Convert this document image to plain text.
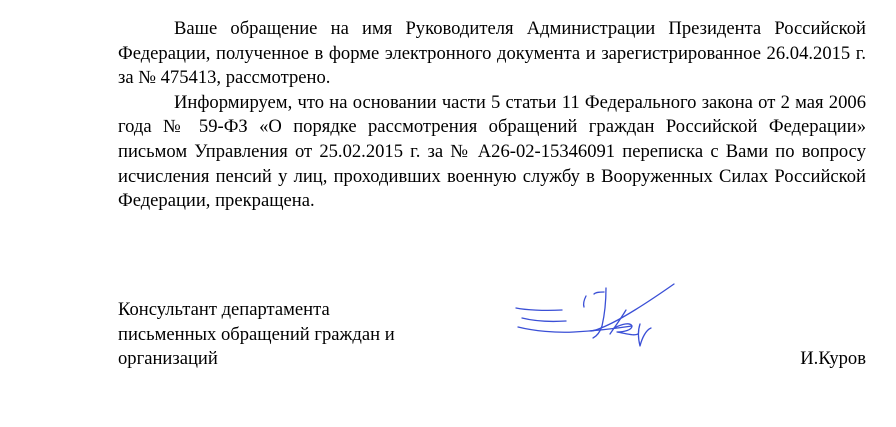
Ваше обращение на имя Руководителя Администрации Президента Российской Федерации, полученное в форме электронного документа и зарегистрированное 26.04.2015 г. за № 475413, рассмотрено.

Информируем, что на основании части 5 статьи 11 Федерального закона от 2 мая 2006 года № 59-ФЗ «О порядке рассмотрения обращений граждан Российской Федерации» письмом Управления от 25.02.2015 г. за № А26-02-15346091 переписка с Вами по вопросу исчисления пенсий у лиц, проходивших военную службу в Вооруженных Силах Российской Федерации, прекращена.

Консультант департамента
письменных обращений граждан и
организаций	И.Куров
